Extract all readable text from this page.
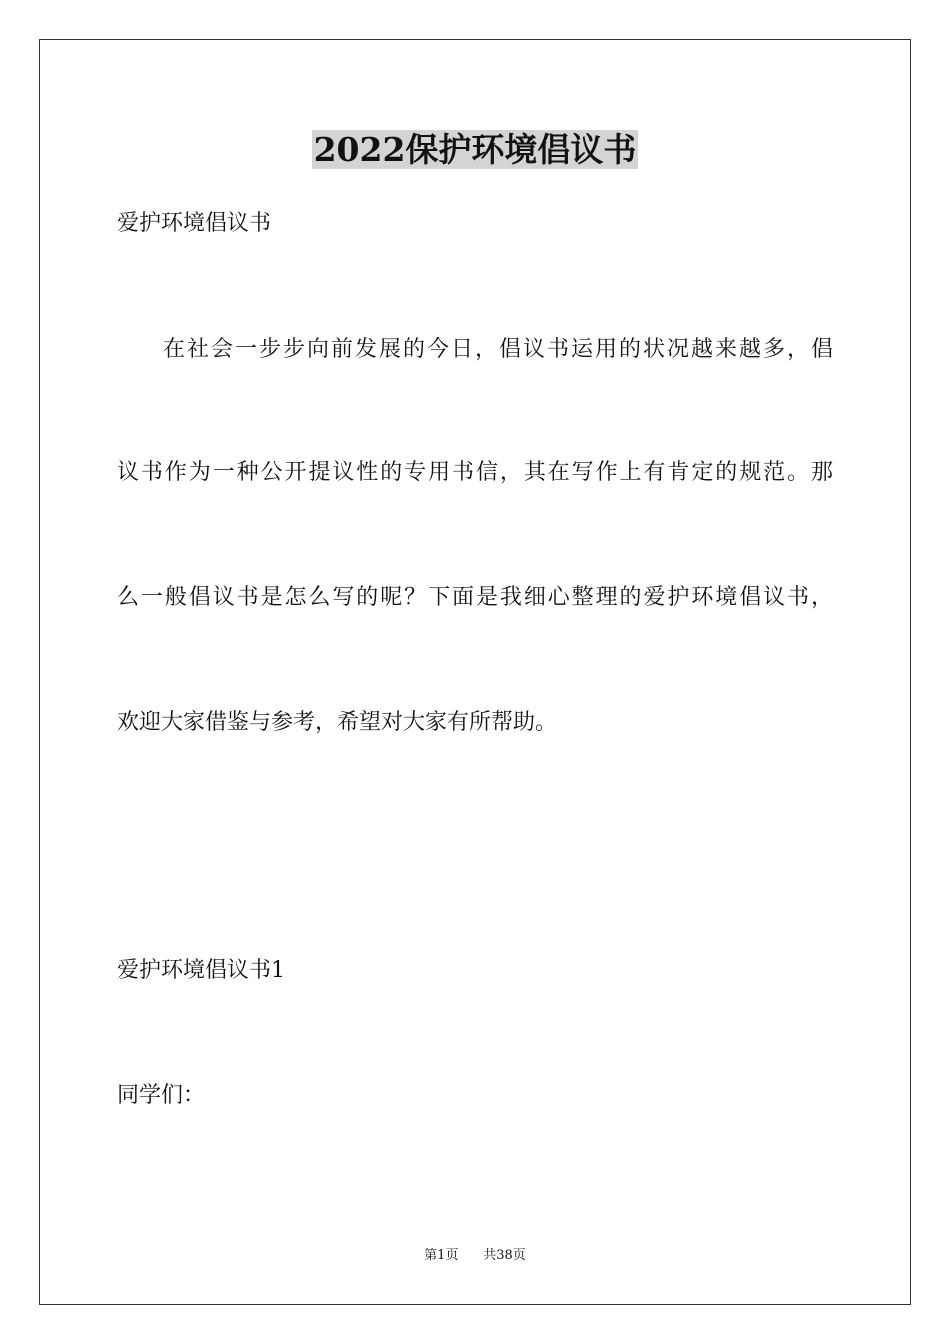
2022保护环境倡议书
爱护环境倡议书
在社会一步步向前发展的今日，倡议书运用的状况越来越多，倡
议书作为一种公开提议性的专用书信，其在写作上有肯定的规范。那
么一般倡议书是怎么写的呢？下面是我细心整理的爱护环境倡议书，
欢迎大家借鉴与参考，希望对大家有所帮助。
爱护环境倡议书1
同学们：
第1页 共38页
